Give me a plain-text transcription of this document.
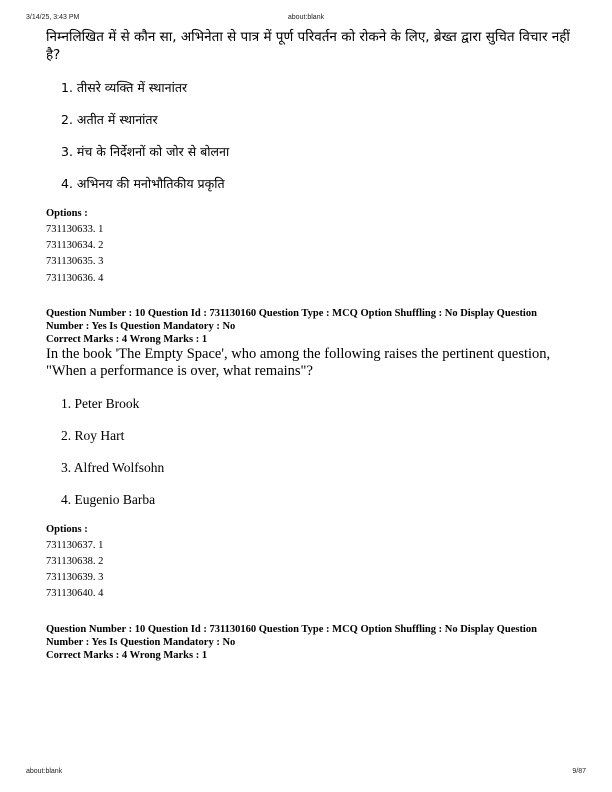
3/14/25, 3:43 PM	about:blank

निम्नलिखित में से कौन सा, अभिनेता से पात्र में पूर्ण परिवर्तन को रोकने के लिए, ब्रेख्त द्वारा सुचित विचार नहीं है?

1. तीसरे व्यक्ति में स्थानांतर
2. अतीत में स्थानांतर
3. मंच के निर्देशनों को जोर से बोलना
4. अभिनय की मनोभौतिकीय प्रकृति

Options :

731130633. 1
731130634. 2
731130635. 3
731130636. 4

Question Number : 10 Question Id : 731130160 Question Type : MCQ Option Shuffling : No Display Question

Number : Yes Is Question Mandatory : No

Correct Marks : 4 Wrong Marks : 1

In the book 'The Empty Space', who among the following raises the pertinent question, "When a performance is over, what remains"?

1. Peter Brook
2. Roy Hart
3. Alfred Wolfsohn
4. Eugenio Barba

Options :

731130637. 1
731130638. 2
731130639. 3
731130640. 4

Question Number : 10 Question Id : 731130160 Question Type : MCQ Option Shuffling : No Display Question

Number : Yes Is Question Mandatory : No

Correct Marks : 4 Wrong Marks : 1

about:blank	9/87
